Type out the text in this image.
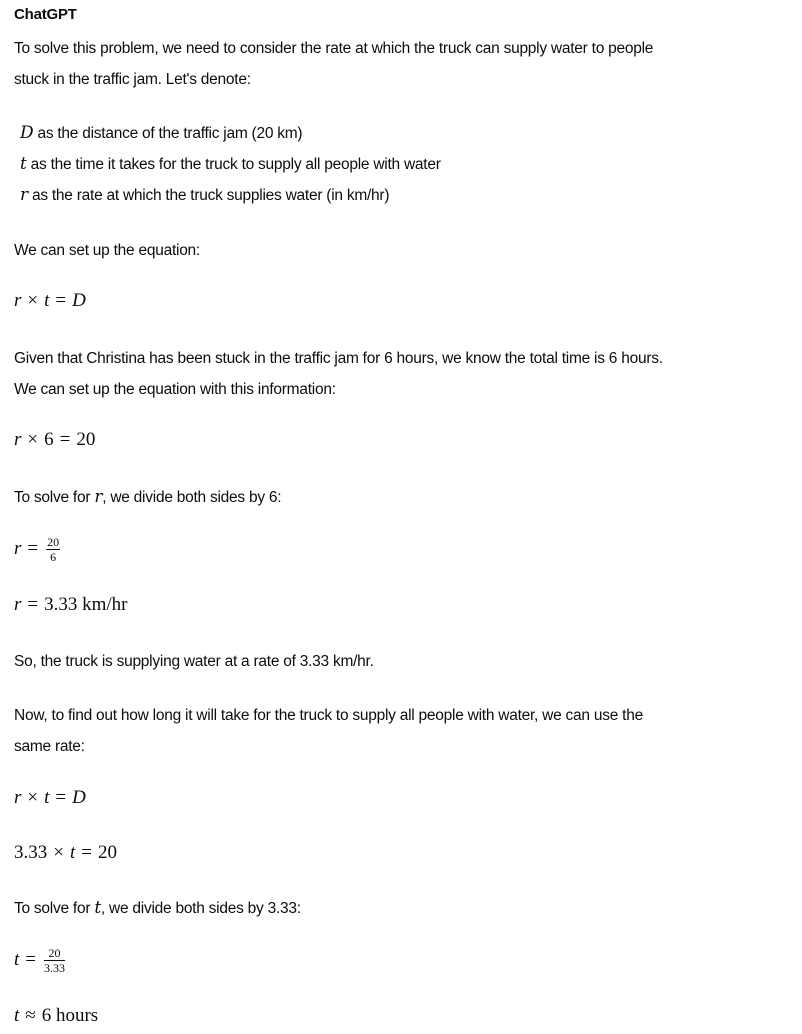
ChatGPT
To solve this problem, we need to consider the rate at which the truck can supply water to people
stuck in the traffic jam. Let's denote:
D as the distance of the traffic jam (20 km)
t as the time it takes for the truck to supply all people with water
r as the rate at which the truck supplies water (in km/hr)
We can set up the equation:
r × t = D
Given that Christina has been stuck in the traffic jam for 6 hours, we know the total time is 6 hours.
We can set up the equation with this information:
r × 6 = 20
To solve for r, we divide both sides by 6:
$r = \frac{20}{6}$
r = 3.33 km/hr
So, the truck is supplying water at a rate of 3.33 km/hr.
Now, to find out how long it will take for the truck to supply all people with water, we can use the
same rate:
r × t = D
3.33 × t = 20
To solve for t, we divide both sides by 3.33:
$t = \frac{20}{3.33}$
t ≈ 6 hours
